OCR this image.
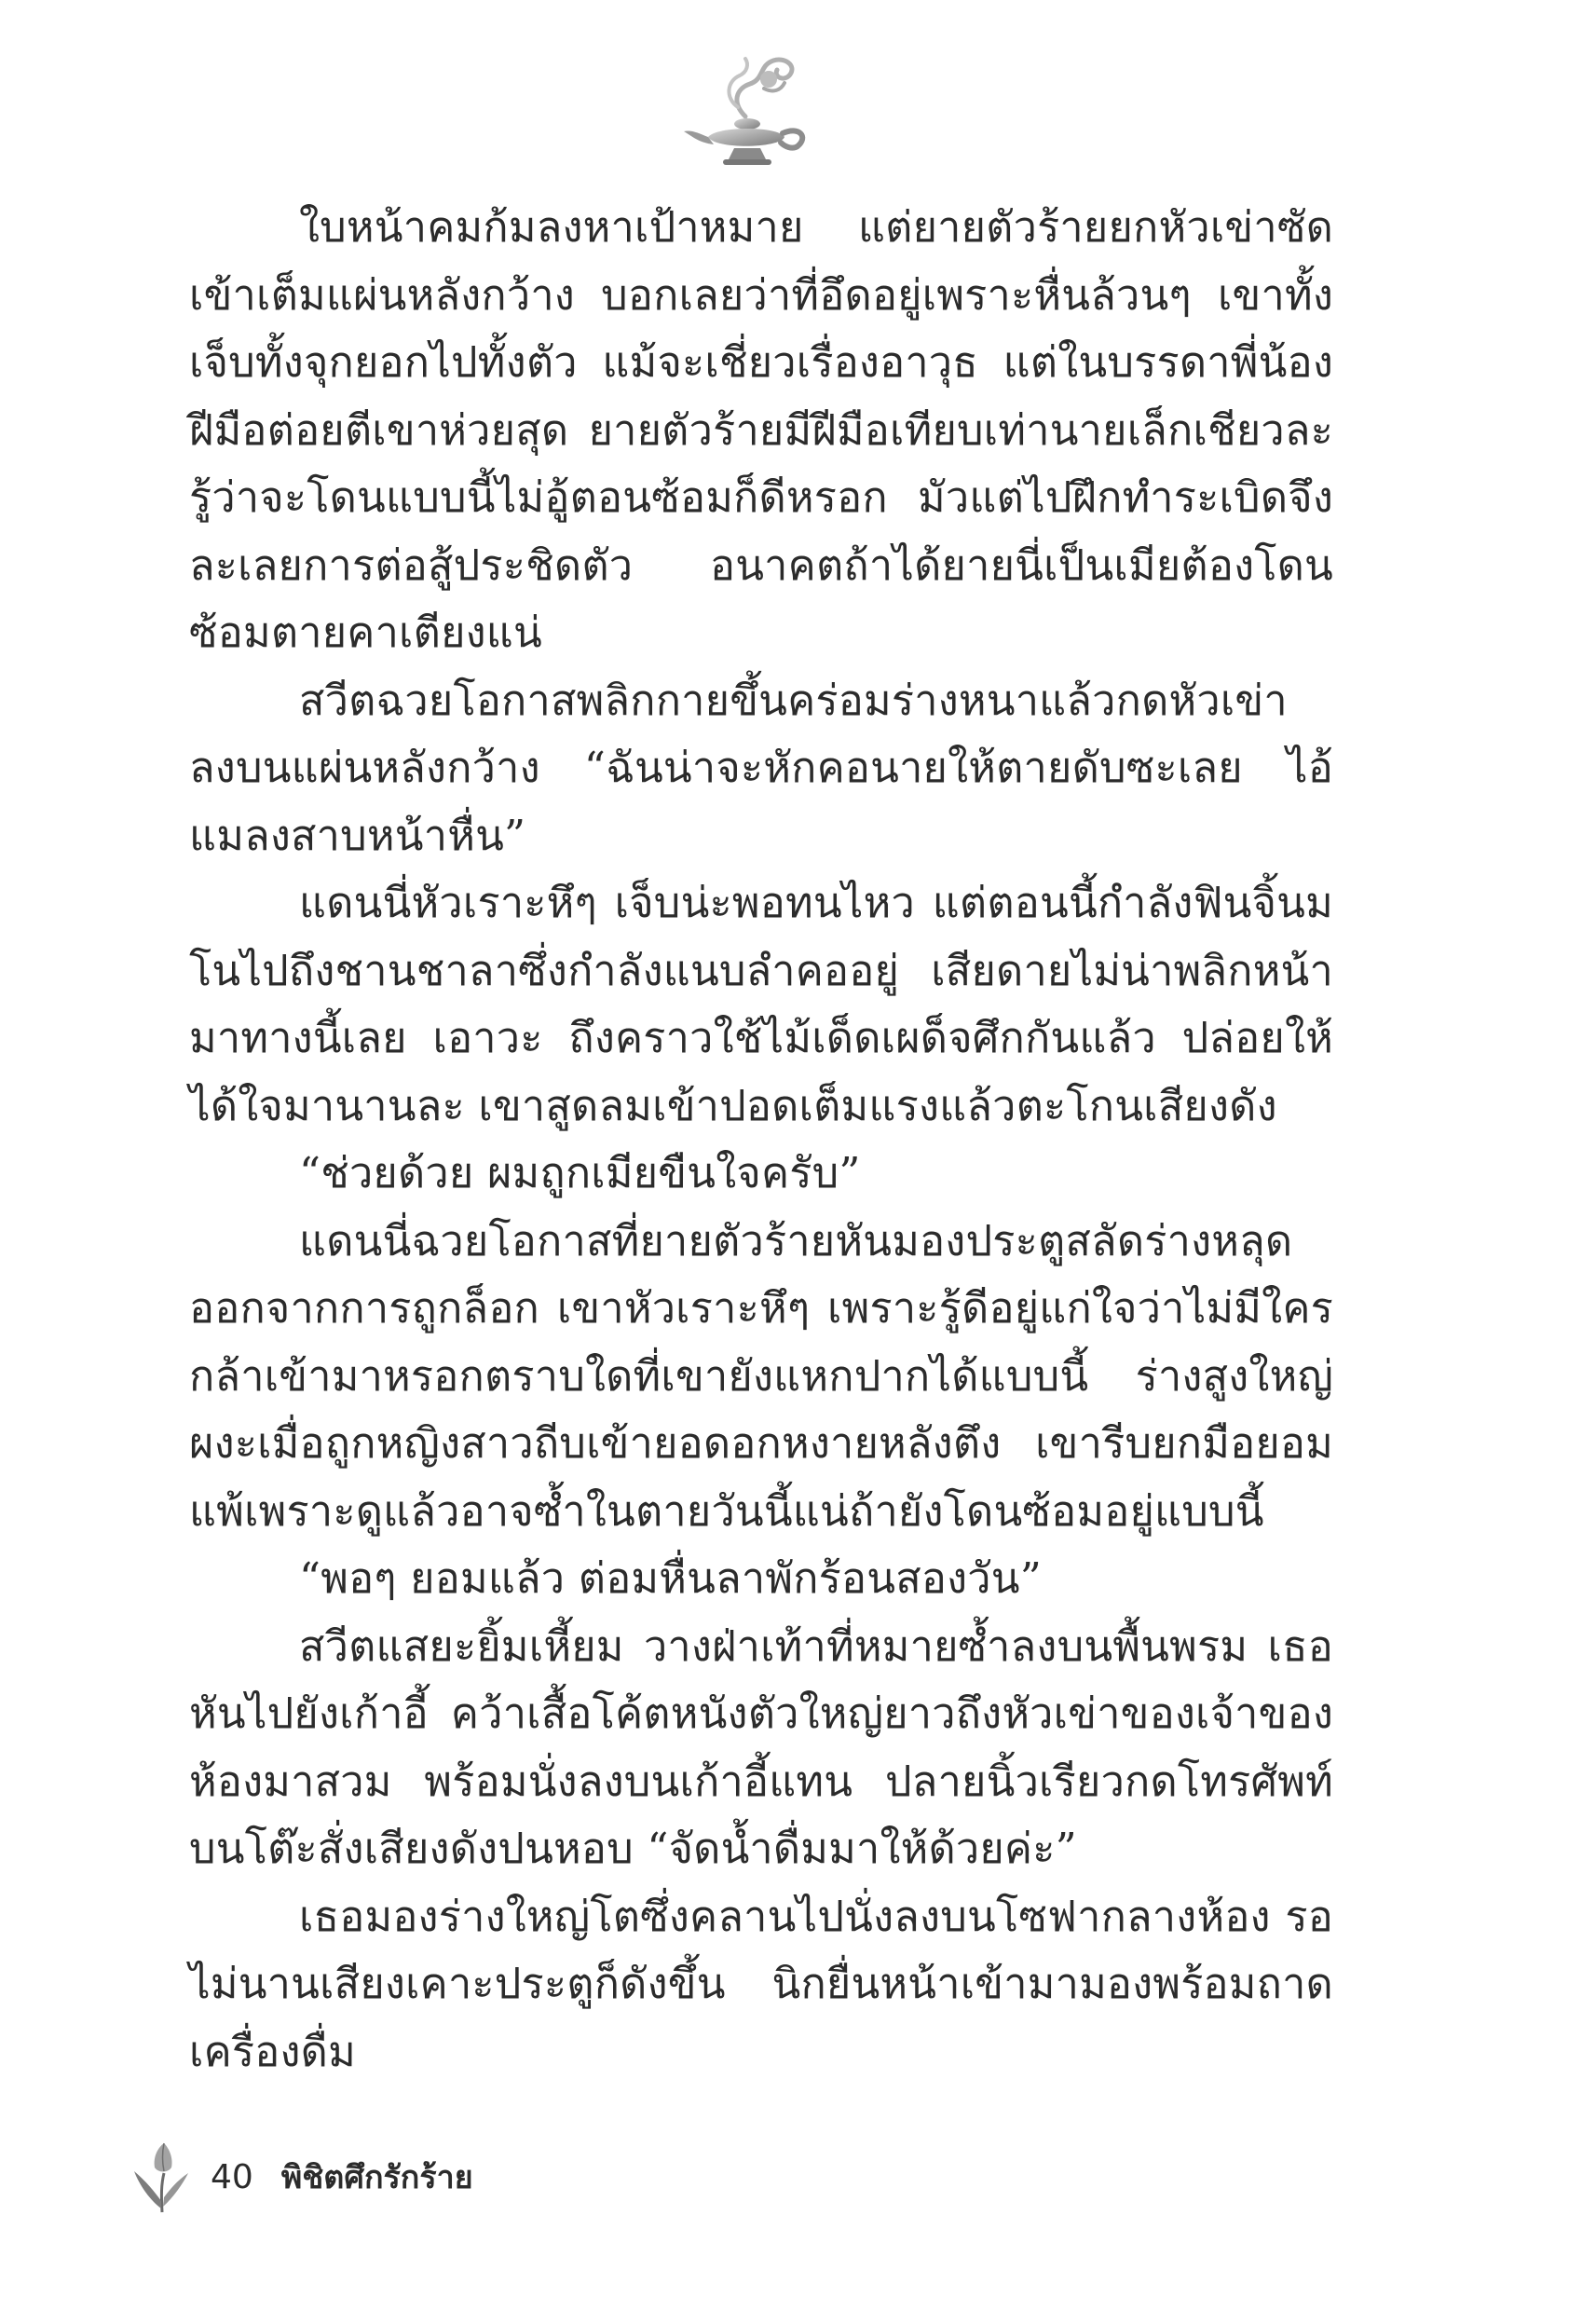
ใบหน้าคมก้มลงหาเป้าหมาย แต่ยายตัวร้ายยกหัวเข่าซัดเข้าเต็มแผ่นหลังกว้าง บอกเลยว่าที่อึดอยู่เพราะหื่นล้วนๆ เขาทั้งเจ็บทั้งจุกยอกไปทั้งตัว แม้จะเชี่ยวเรื่องอาวุธ แต่ในบรรดาพี่น้อง ฝีมือต่อยตีเขาห่วยสุด ยายตัวร้ายมีฝีมือเทียบเท่านายเล็กเชียวละ รู้ว่าจะโดนแบบนี้ไม่อู้ตอนซ้อมก็ดีหรอก มัวแต่ไปฝึกทำระเบิดจึงละเลยการต่อสู้ประชิดตัว อนาคตถ้าได้ยายนี่เป็นเมียต้องโดนซ้อมตายคาเตียงแน่

สวีตฉวยโอกาสพลิกกายขึ้นคร่อมร่างหนาแล้วกดหัวเข่าลงบนแผ่นหลังกว้าง “ฉันน่าจะหักคอนายให้ตายดับซะเลย ไอ้แมลงสาบหน้าหื่น”

แดนนี่หัวเราะหึๆ เจ็บน่ะพอทนไหว แต่ตอนนี้กำลังฟินจิ้นมโนไปถึงชานชาลาซึ่งกำลังแนบลำคออยู่ เสียดายไม่น่าพลิกหน้ามาทางนี้เลย เอาวะ ถึงคราวใช้ไม้เด็ดเผด็จศึกกันแล้ว ปล่อยให้ได้ใจมานานละ เขาสูดลมเข้าปอดเต็มแรงแล้วตะโกนเสียงดัง

“ช่วยด้วย ผมถูกเมียขืนใจครับ”

แดนนี่ฉวยโอกาสที่ยายตัวร้ายหันมองประตูสลัดร่างหลุดออกจากการถูกล็อก เขาหัวเราะหึๆ เพราะรู้ดีอยู่แก่ใจว่าไม่มีใครกล้าเข้ามาหรอกตราบใดที่เขายังแหกปากได้แบบนี้ ร่างสูงใหญ่ผงะเมื่อถูกหญิงสาวถีบเข้ายอดอกหงายหลังตึง เขารีบยกมือยอมแพ้เพราะดูแล้วอาจซ้ำในตายวันนี้แน่ถ้ายังโดนซ้อมอยู่แบบนี้

“พอๆ ยอมแล้ว ต่อมหื่นลาพักร้อนสองวัน”

สวีตแสยะยิ้มเหี้ยม วางฝ่าเท้าที่หมายซ้ำลงบนพื้นพรม เธอหันไปยังเก้าอี้ คว้าเสื้อโค้ตหนังตัวใหญ่ยาวถึงหัวเข่าของเจ้าของห้องมาสวม พร้อมนั่งลงบนเก้าอี้แทน ปลายนิ้วเรียวกดโทรศัพท์บนโต๊ะสั่งเสียงดังปนหอบ “จัดน้ำดื่มมาให้ด้วยค่ะ”

เธอมองร่างใหญ่โตซึ่งคลานไปนั่งลงบนโซฟากลางห้อง รอไม่นานเสียงเคาะประตูก็ดังขึ้น นิกยื่นหน้าเข้ามามองพร้อมถาดเครื่องดื่ม

40 พิชิตศึกรักร้าย
